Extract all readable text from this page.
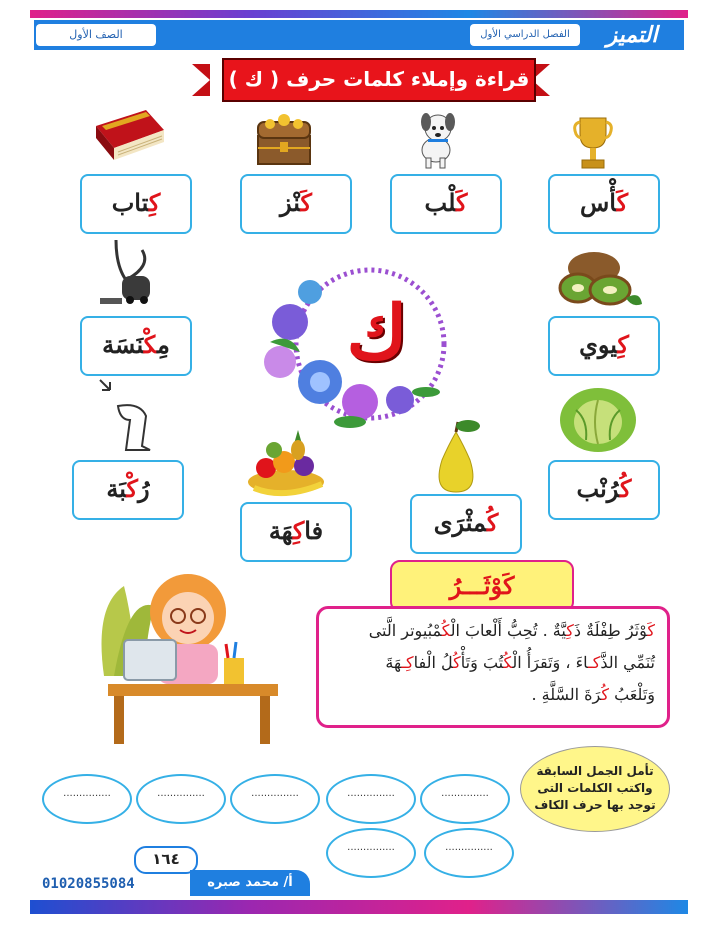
الصف الأول	الفصل الدراسي الأول	التميز
قراءة وإملاء كلمات حرف ( ك )
كِتاب	كَنْز	كَلْب	كَأْس
ك
مِكْنَسَة	كِيوي
رُكْبَة	كُرُنْب
فاكِهَة	كُمثْرَى
كَوْثَـــرُ
كَوْثَرُ طِفْلَةٌ ذَكِيَّةٌ . تُحِبُّ أَلْعابَ الْكُمْبُيوتر الَّتى
تُنَمِّي الذَّكـاءَ ، وَتَقرَأُ الْكُتُبَ وَتَأْكُلُ الْفاكِـهَةَ
وَتَلْعَبُ كُرَةَ السَّلَّةِ .
تأمل الجمل السابقة
واكتب الكلمات التى
توجد بها حرف الكاف
...............	...............	...............	...............	...............
...............	...............
١٦٤
أ/ محمد صبره
01020855084
